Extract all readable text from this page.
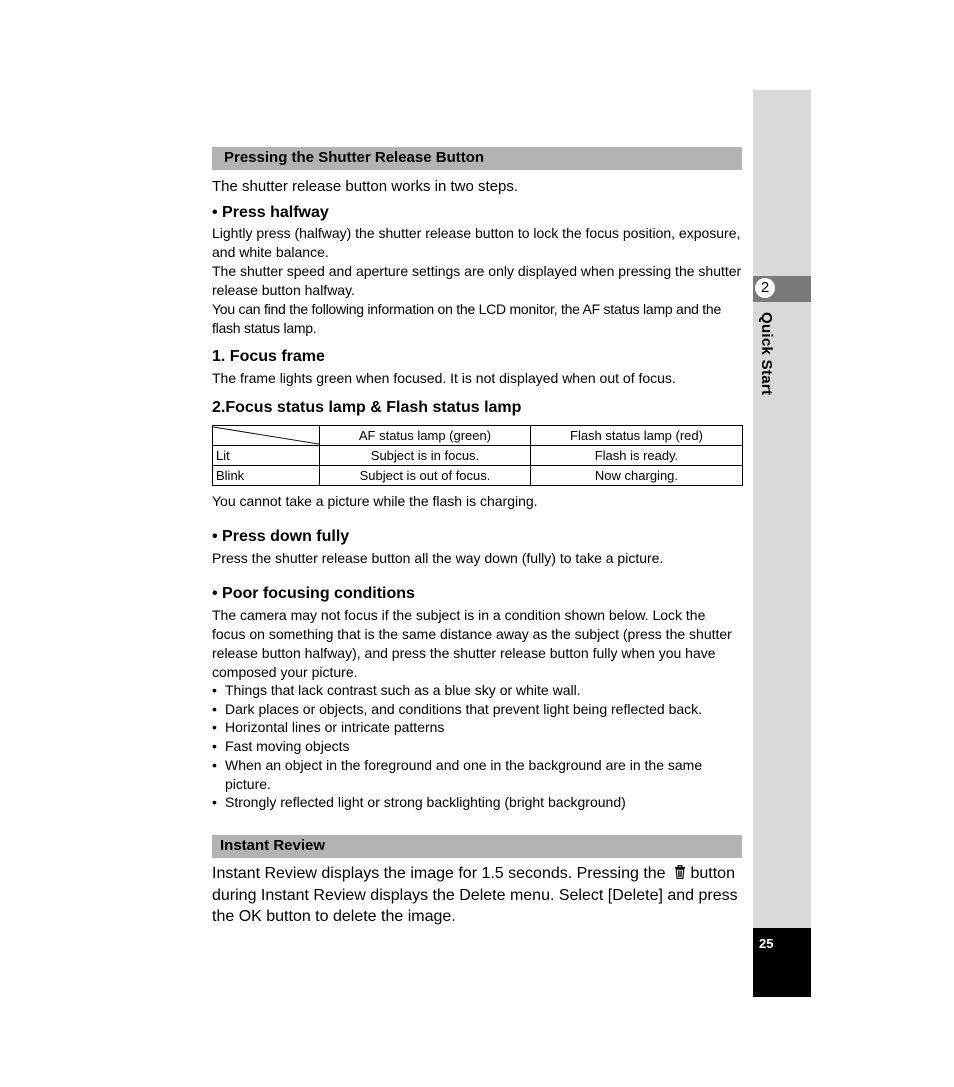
2
Quick Start
25
Pressing the Shutter Release Button

The shutter release button works in two steps.

• Press halfway

Lightly press (halfway) the shutter release button to lock the focus position, exposure, and white balance.
The shutter speed and aperture settings are only displayed when pressing the shutter release button halfway.
You can find the following information on the LCD monitor, the AF status lamp and the flash status lamp.

1. Focus frame

The frame lights green when focused. It is not displayed when out of focus.

2.Focus status lamp & Flash status lamp

	AF status lamp (green)	Flash status lamp (red)
Lit	Subject is in focus.	Flash is ready.
Blink	Subject is out of focus.	Now charging.

You cannot take a picture while the flash is charging.

• Press down fully

Press the shutter release button all the way down (fully) to take a picture.

• Poor focusing conditions

The camera may not focus if the subject is in a condition shown below. Lock the focus on something that is the same distance away as the subject (press the shutter release button halfway), and press the shutter release button fully when you have composed your picture.

• Things that lack contrast such as a blue sky or white wall.
• Dark places or objects, and conditions that prevent light being reflected back.
• Horizontal lines or intricate patterns
• Fast moving objects
• When an object in the foreground and one in the background are in the same picture.
• Strongly reflected light or strong backlighting (bright background)
Instant Review

Instant Review displays the image for 1.5 seconds. Pressing the button during Instant Review displays the Delete menu. Select [Delete] and press the OK button to delete the image.
